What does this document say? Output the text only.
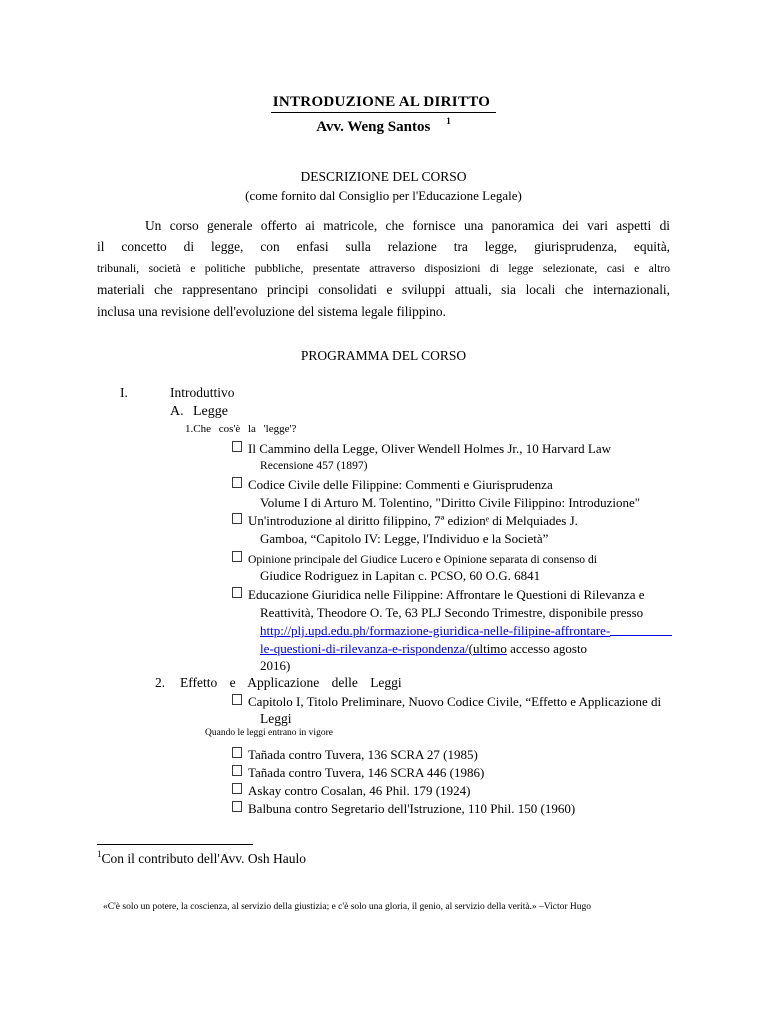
INTRODUZIONE AL DIRITTO
Avv. Weng Santos $^1$
DESCRIZIONE DEL CORSO
(come fornito dal Consiglio per l'Educazione Legale)
Un corso generale offerto ai matricole, che fornisce una panoramica dei vari aspetti di
il concetto di legge, con enfasi sulla relazione tra legge, giurisprudenza, equità,
tribunali, società e politiche pubbliche, presentate attraverso disposizioni di legge selezionate, casi e altro
materiali che rappresentano principi consolidati e sviluppi attuali, sia locali che internazionali,
inclusa una revisione dell'evoluzione del sistema legale filippino.
PROGRAMMA DEL CORSO
I.	Introduttivo
A. Legge
1.Che cos'è la 'legge'?
Il Cammino della Legge, Oliver Wendell Holmes Jr., 10 Harvard Law
Recensione 457 (1897)
Codice Civile delle Filippine: Commenti e Giurisprudenza
Volume I di Arturo M. Tolentino, "Diritto Civile Filippino: Introduzione"
Un'introduzione al diritto filippino, 7ª edizionᵉ di Melquiades J.
Gamboa, “Capitolo IV: Legge, l'Individuo e la Società”
Opinione principale del Giudice Lucero e Opinione separata di consenso di
Giudice Rodriguez in Lapitan c. PCSO, 60 O.G. 6841
Educazione Giuridica nelle Filippine: Affrontare le Questioni di Rilevanza e
Reattività, Theodore O. Te, 63 PLJ Secondo Trimestre, disponibile presso
http://plj.upd.edu.ph/formazione-giuridica-nelle-filipine-affrontare-
le-questioni-di-rilevanza-e-rispondenza/(ultimo accesso agosto
2016)
2. Effetto e Applicazione delle Leggi
Capitolo I, Titolo Preliminare, Nuovo Codice Civile, “Effetto e Applicazione di
Leggi
Quando le leggi entrano in vigore
Tañada contro Tuvera, 136 SCRA 27 (1985)
Tañada contro Tuvera, 146 SCRA 446 (1986)
Askay contro Cosalan, 46 Phil. 179 (1924)
Balbuna contro Segretario dell'Istruzione, 110 Phil. 150 (1960)
$^1$Con il contributo dell'Avv. Osh Haulo
«C'è solo un potere, la coscienza, al servizio della giustizia; e c'è solo una gloria, il genio, al servizio della verità.» –Victor Hugo
